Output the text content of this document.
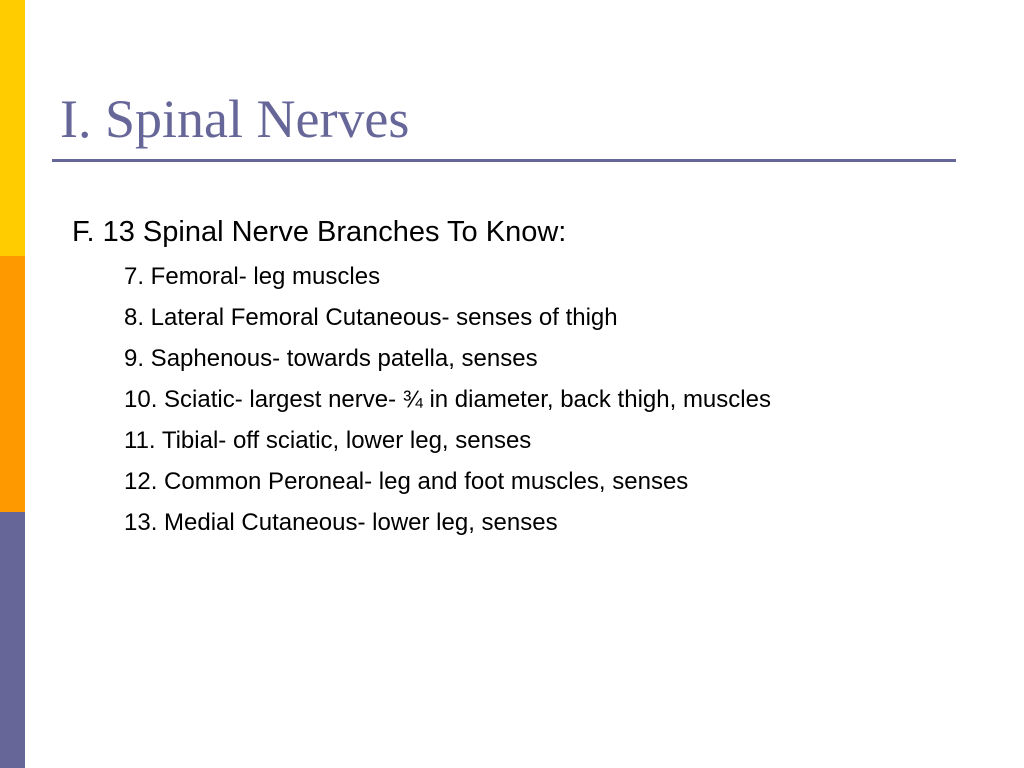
I. Spinal Nerves
F. 13 Spinal Nerve Branches To Know:
7. Femoral- leg muscles
8. Lateral Femoral Cutaneous- senses of thigh
9. Saphenous- towards patella, senses
10. Sciatic- largest nerve- ¾ in diameter, back thigh, muscles
11. Tibial- off sciatic, lower leg, senses
12. Common Peroneal- leg and foot muscles, senses
13. Medial Cutaneous- lower leg, senses
